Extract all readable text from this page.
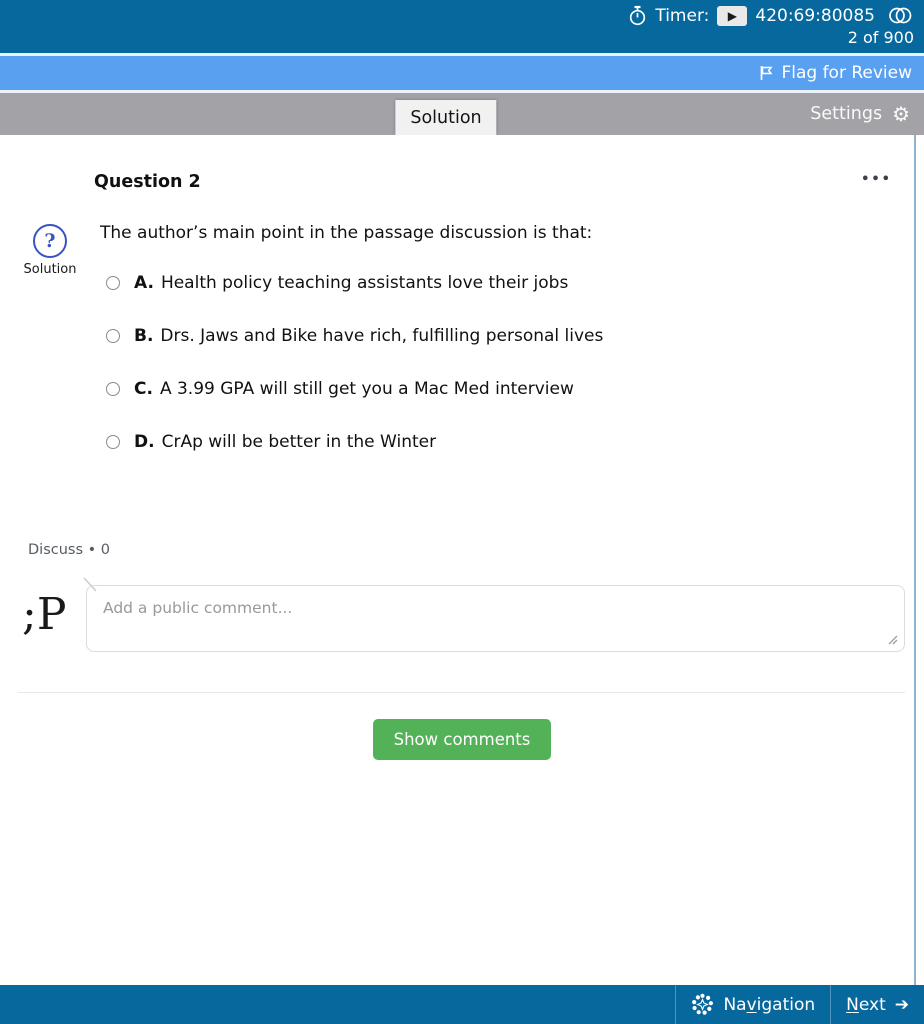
Timer: ▶ 420:69:80085
2 of 900
Flag for Review
Solution	Settings ⚙
Question 2	•••
?
Solution
The author’s main point in the passage discussion is that:
A. Health policy teaching assistants love their jobs
B. Drs. Jaws and Bike have rich, fulfilling personal lives
C. A 3.99 GPA will still get you a Mac Med interview
D. CrAp will be better in the Winter
Discuss • 0
;P
Add a public comment...
Show comments
Navigation Next ➔
